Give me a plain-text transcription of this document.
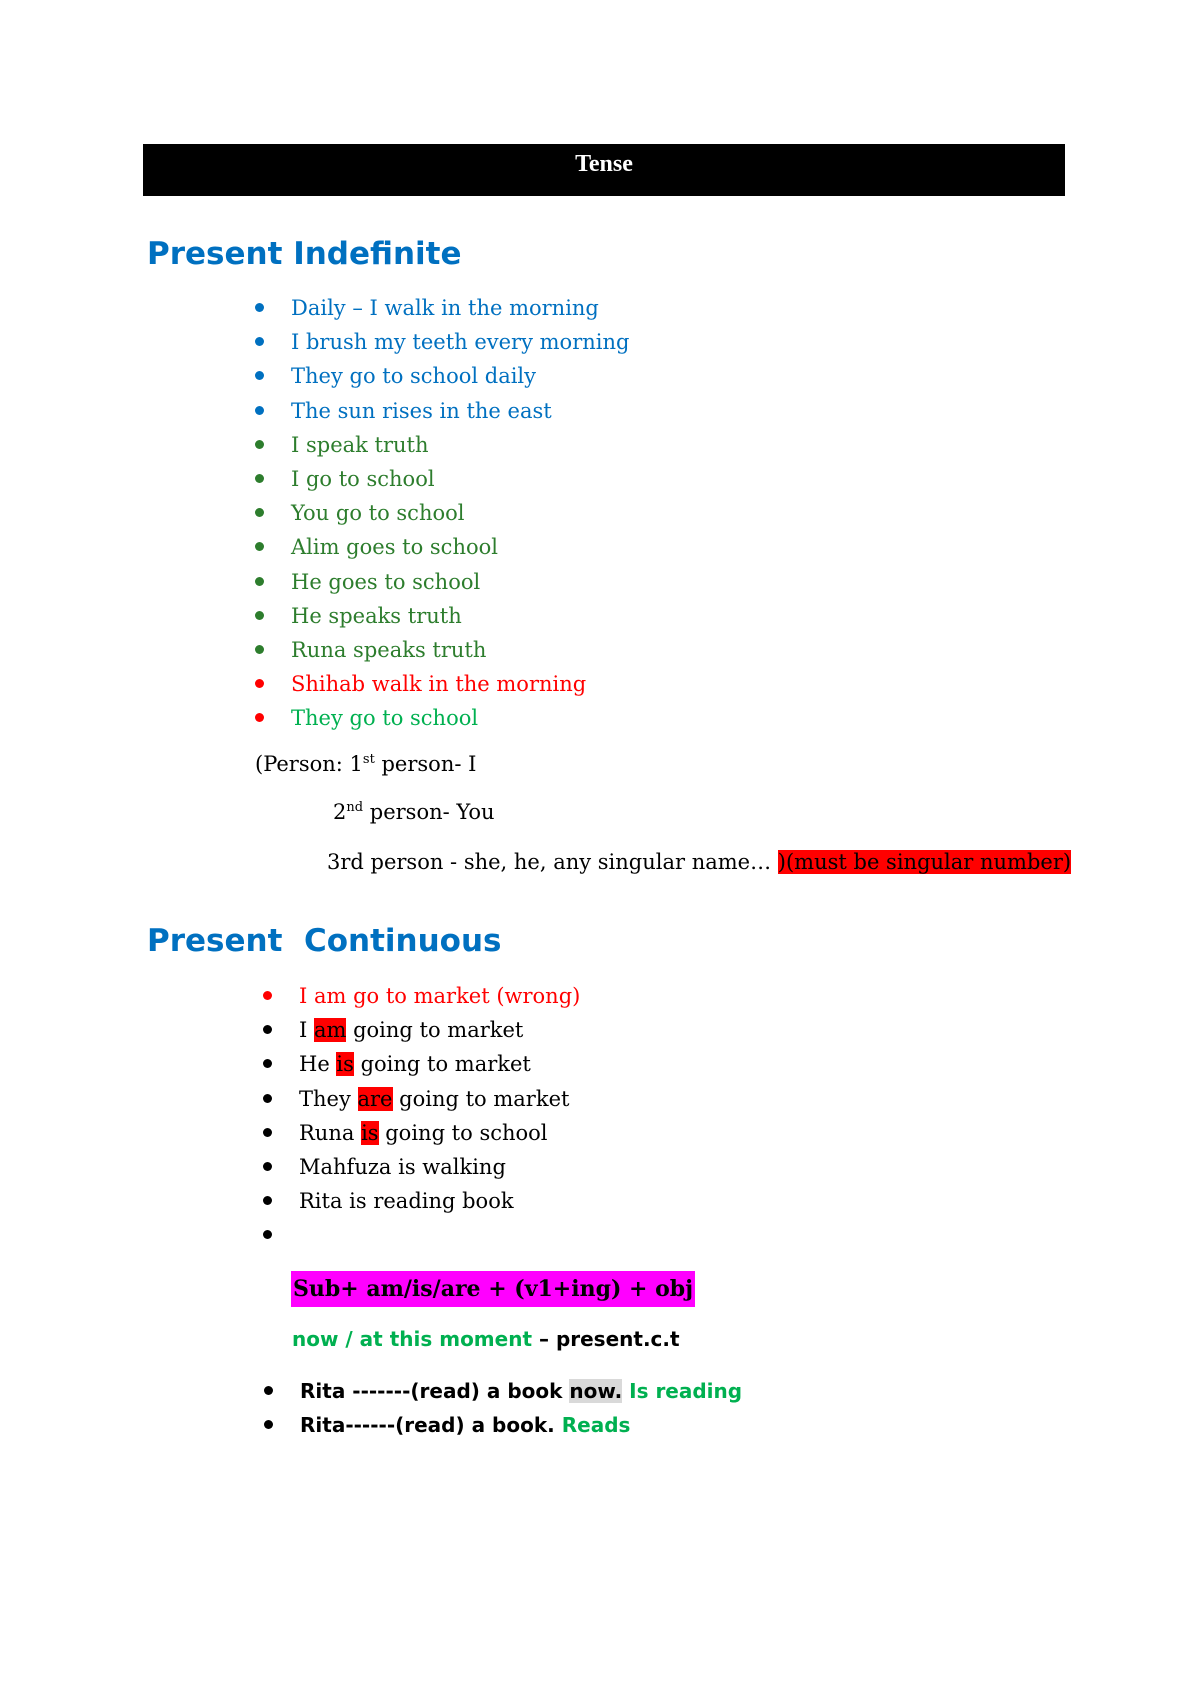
Tense
Present Indefinite
Daily – I walk in the morning
I brush my teeth every morning
They go to school daily
The sun rises in the east
I speak truth
I go to school
You go to school
Alim goes to school
He goes to school
He speaks truth
Runa speaks truth
Shihab walk in the morning
They go to school
(Person: 1st person- I
2nd person- You
3rd person - she, he, any singular name… )(must be singular number)
Present  Continuous
I am go to market (wrong)
I am going to market
He is going to market
They are going to market
Runa is going to school
Mahfuza is walking
Rita is reading book
Sub+ am/is/are + (v1+ing) + obj
now / at this moment – present.c.t
Rita -------(read) a book now. Is reading
Rita------(read) a book. Reads
